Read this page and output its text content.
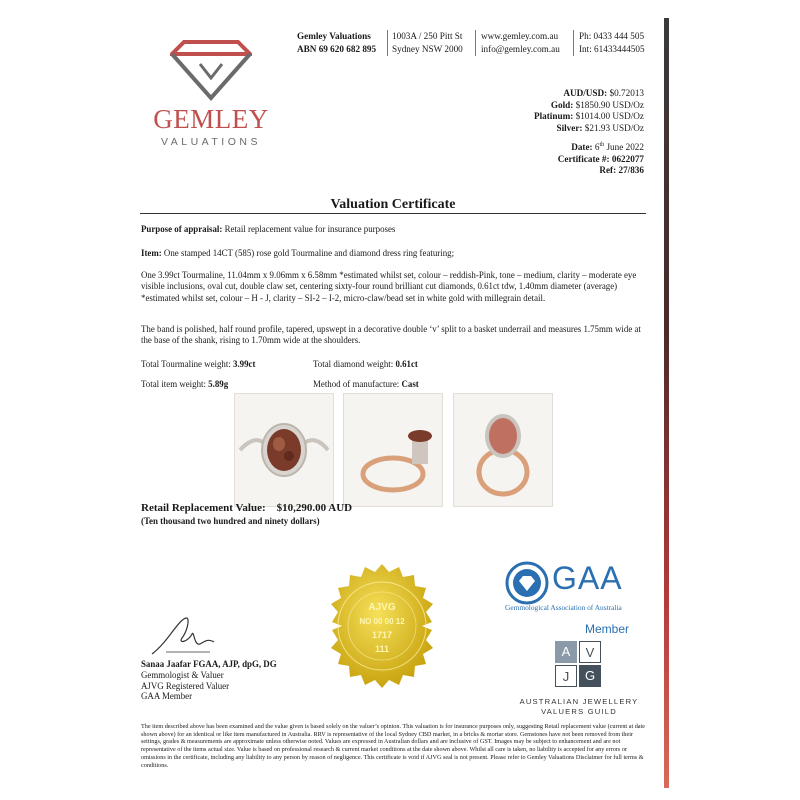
GEMLEY
VALUATIONS
Gemley Valuations
ABN 69 620 682 895
1003A / 250 Pitt St
Sydney NSW 2000
www.gemley.com.au
info@gemley.com.au
Ph: 0433 444 505
Int: 61433444505
AUD/USD: $0.72013
Gold: $1850.90 USD/Oz
Platinum: $1014.00 USD/Oz
Silver: $21.93 USD/Oz
Date: 6th June 2022
Certificate #: 0622077
Ref: 27/836
Valuation Certificate
Purpose of appraisal: Retail replacement value for insurance purposes
Item: One stamped 14CT (585) rose gold Tourmaline and diamond dress ring featuring;
One 3.99ct Tourmaline, 11.04mm x 9.06mm x 6.58mm *estimated whilst set, colour – reddish-Pink, tone – medium, clarity – moderate eye visible inclusions, oval cut, double claw set, centering sixty-four round brilliant cut diamonds, 0.61ct tdw, 1.40mm diameter (average) *estimated whilst set, colour – H - J, clarity – SI-2 – I-2, micro-claw/bead set in white gold with millegrain detail.
The band is polished, half round profile, tapered, upswept in a decorative double ‘v’ split to a basket underrail and measures 1.75mm wide at the base of the shank, rising to 1.70mm wide at the shoulders.
Total Tourmaline weight: 3.99ct	Total diamond weight: 0.61ct
Total item weight: 5.89g	Method of manufacture: Cast
Retail Replacement Value: $10,290.00 AUD
(Ten thousand two hundred and ninety dollars)
AJVG
NO 00 00 12
1717
111
GAA
Gemmological Association of Australia
Member
A	V
J	G
AUSTRALIAN JEWELLERY
VALUERS GUILD
Sanaa Jaafar FGAA, AJP, dpG, DG
Gemmologist & Valuer
AJVG Registered Valuer
GAA Member
The item described above has been examined and the value given is based solely on the valuer’s opinion. This valuation is for insurance purposes only, suggesting Retail replacement value (current at date shown above) for an identical or like item manufactured in Australia. RRV is representative of the local Sydney CBD market, in a bricks & mortar store. Gemstones have not been removed from their settings, grades & measurements are approximate unless otherwise noted. Values are expressed in Australian dollars and are inclusive of GST. Images may be subject to enhancement and are not representative of the items actual size. Value is based on professional research & current market conditions at the date shown above. Whilst all care is taken, no liability is accepted for any errors or omissions in the certificate, including any liability to any person by reason of negligence. This certificate is void if AJVG seal is not present. Please refer to Gemley Valuations Disclaimer for full terms & conditions.
